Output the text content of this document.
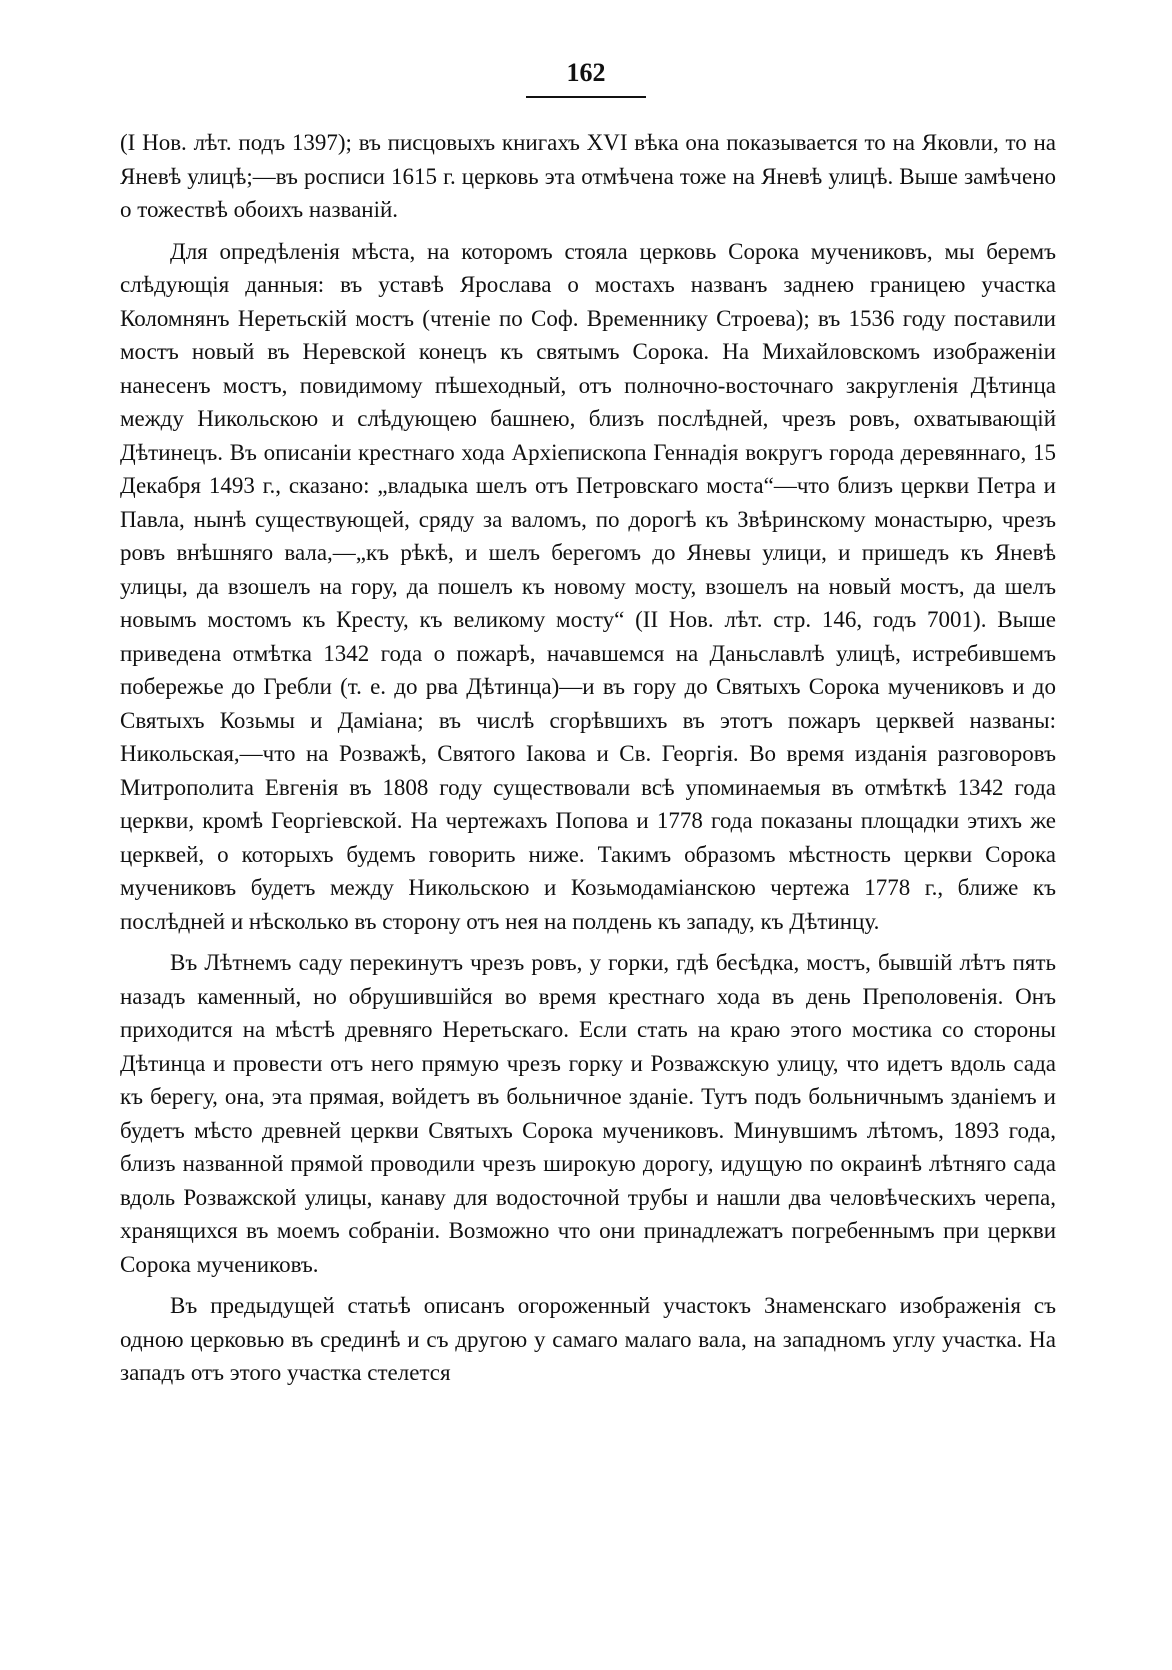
162

(I Нов. лѣт. подъ 1397); въ писцовыхъ книгахъ XVI вѣка она показывается то на Яковли, то на Яневѣ улицѣ;—въ росписи 1615 г. церковь эта отмѣчена тоже на Яневѣ улицѣ. Выше замѣчено о тожествѣ обоихъ названій.

Для опредѣленія мѣста, на которомъ стояла церковь Сорока мучениковъ, мы беремъ слѣдующія данныя: въ уставѣ Ярослава о мостахъ названъ заднею границею участка Коломнянъ Неретьскій мостъ (чтеніе по Соф. Временнику Строева); въ 1536 году поставили мостъ новый въ Неревской конецъ къ святымъ Сорока. На Михайловскомъ изображеніи нанесенъ мостъ, повидимому пѣшеходный, отъ полночно-восточнаго закругленія Дѣтинца между Никольскою и слѣдующею башнею, близъ послѣдней, чрезъ ровъ, охватывающій Дѣтинецъ. Въ описаніи крестнаго хода Архіепископа Геннадія вокругъ города деревяннаго, 15 Декабря 1493 г., сказано: „владыка шелъ отъ Петровскаго моста“—что близъ церкви Петра и Павла, нынѣ существующей, сряду за валомъ, по дорогѣ къ Звѣринскому монастырю, чрезъ ровъ внѣшняго вала,—„къ рѣкѣ, и шелъ берегомъ до Яневы улици, и пришедъ къ Яневѣ улицы, да взошелъ на гору, да пошелъ къ новому мосту, взошелъ на новый мостъ, да шелъ новымъ мостомъ къ Кресту, къ великому мосту“ (II Нов. лѣт. стр. 146, годъ 7001). Выше приведена отмѣтка 1342 года о пожарѣ, начавшемся на Даньславлѣ улицѣ, истребившемъ побережье до Гребли (т. е. до рва Дѣтинца)—и въ гору до Святыхъ Сорока мучениковъ и до Святыхъ Козьмы и Дамiана; въ числѣ сгорѣвшихъ въ этотъ пожаръ церквей названы: Никольская,—что на Розважѣ, Святого Іакова и Св. Георгія. Во время изданія разговоровъ Митрополита Евгенія въ 1808 году существовали всѣ упоминаемыя въ отмѣткѣ 1342 года церкви, кромѣ Георгіевской. На чертежахъ Попова и 1778 года показаны площадки этихъ же церквей, о которыхъ будемъ говорить ниже. Такимъ образомъ мѣстность церкви Сорока мучениковъ будетъ между Никольскою и Козьмодамiанскою чертежа 1778 г., ближе къ послѣдней и нѣсколько въ сторону отъ нея на полдень къ западу, къ Дѣтинцу.

Въ Лѣтнемъ саду перекинутъ чрезъ ровъ, у горки, гдѣ бесѣдка, мостъ, бывшій лѣтъ пять назадъ каменный, но обрушившiйся во время крестнаго хода въ день Преполовенія. Онъ приходится на мѣстѣ древняго Неретьскаго. Если стать на краю этого мостика со стороны Дѣтинца и провести отъ него прямую чрезъ горку и Розважскую улицу, что идетъ вдоль сада къ берегу, она, эта прямая, войдетъ въ больничное зданіе. Тутъ подъ больничнымъ зданiемъ и будетъ мѣсто древней церкви Святыхъ Сорока мучениковъ. Минувшимъ лѣтомъ, 1893 года, близъ названной прямой проводили чрезъ широкую дорогу, идущую по окраинѣ лѣтняго сада вдоль Розважской улицы, канаву для водосточной трубы и нашли два человѣческихъ черепа, хранящихся въ моемъ собраніи. Возможно что они принадлежатъ погребеннымъ при церкви Сорока мучениковъ.

Въ предыдущей статьѣ описанъ огороженный участокъ Знаменскаго изображенія съ одною церковью въ срединѣ и съ другою у самаго малаго вала, на западномъ углу участка. На западъ отъ этого участка стелется
